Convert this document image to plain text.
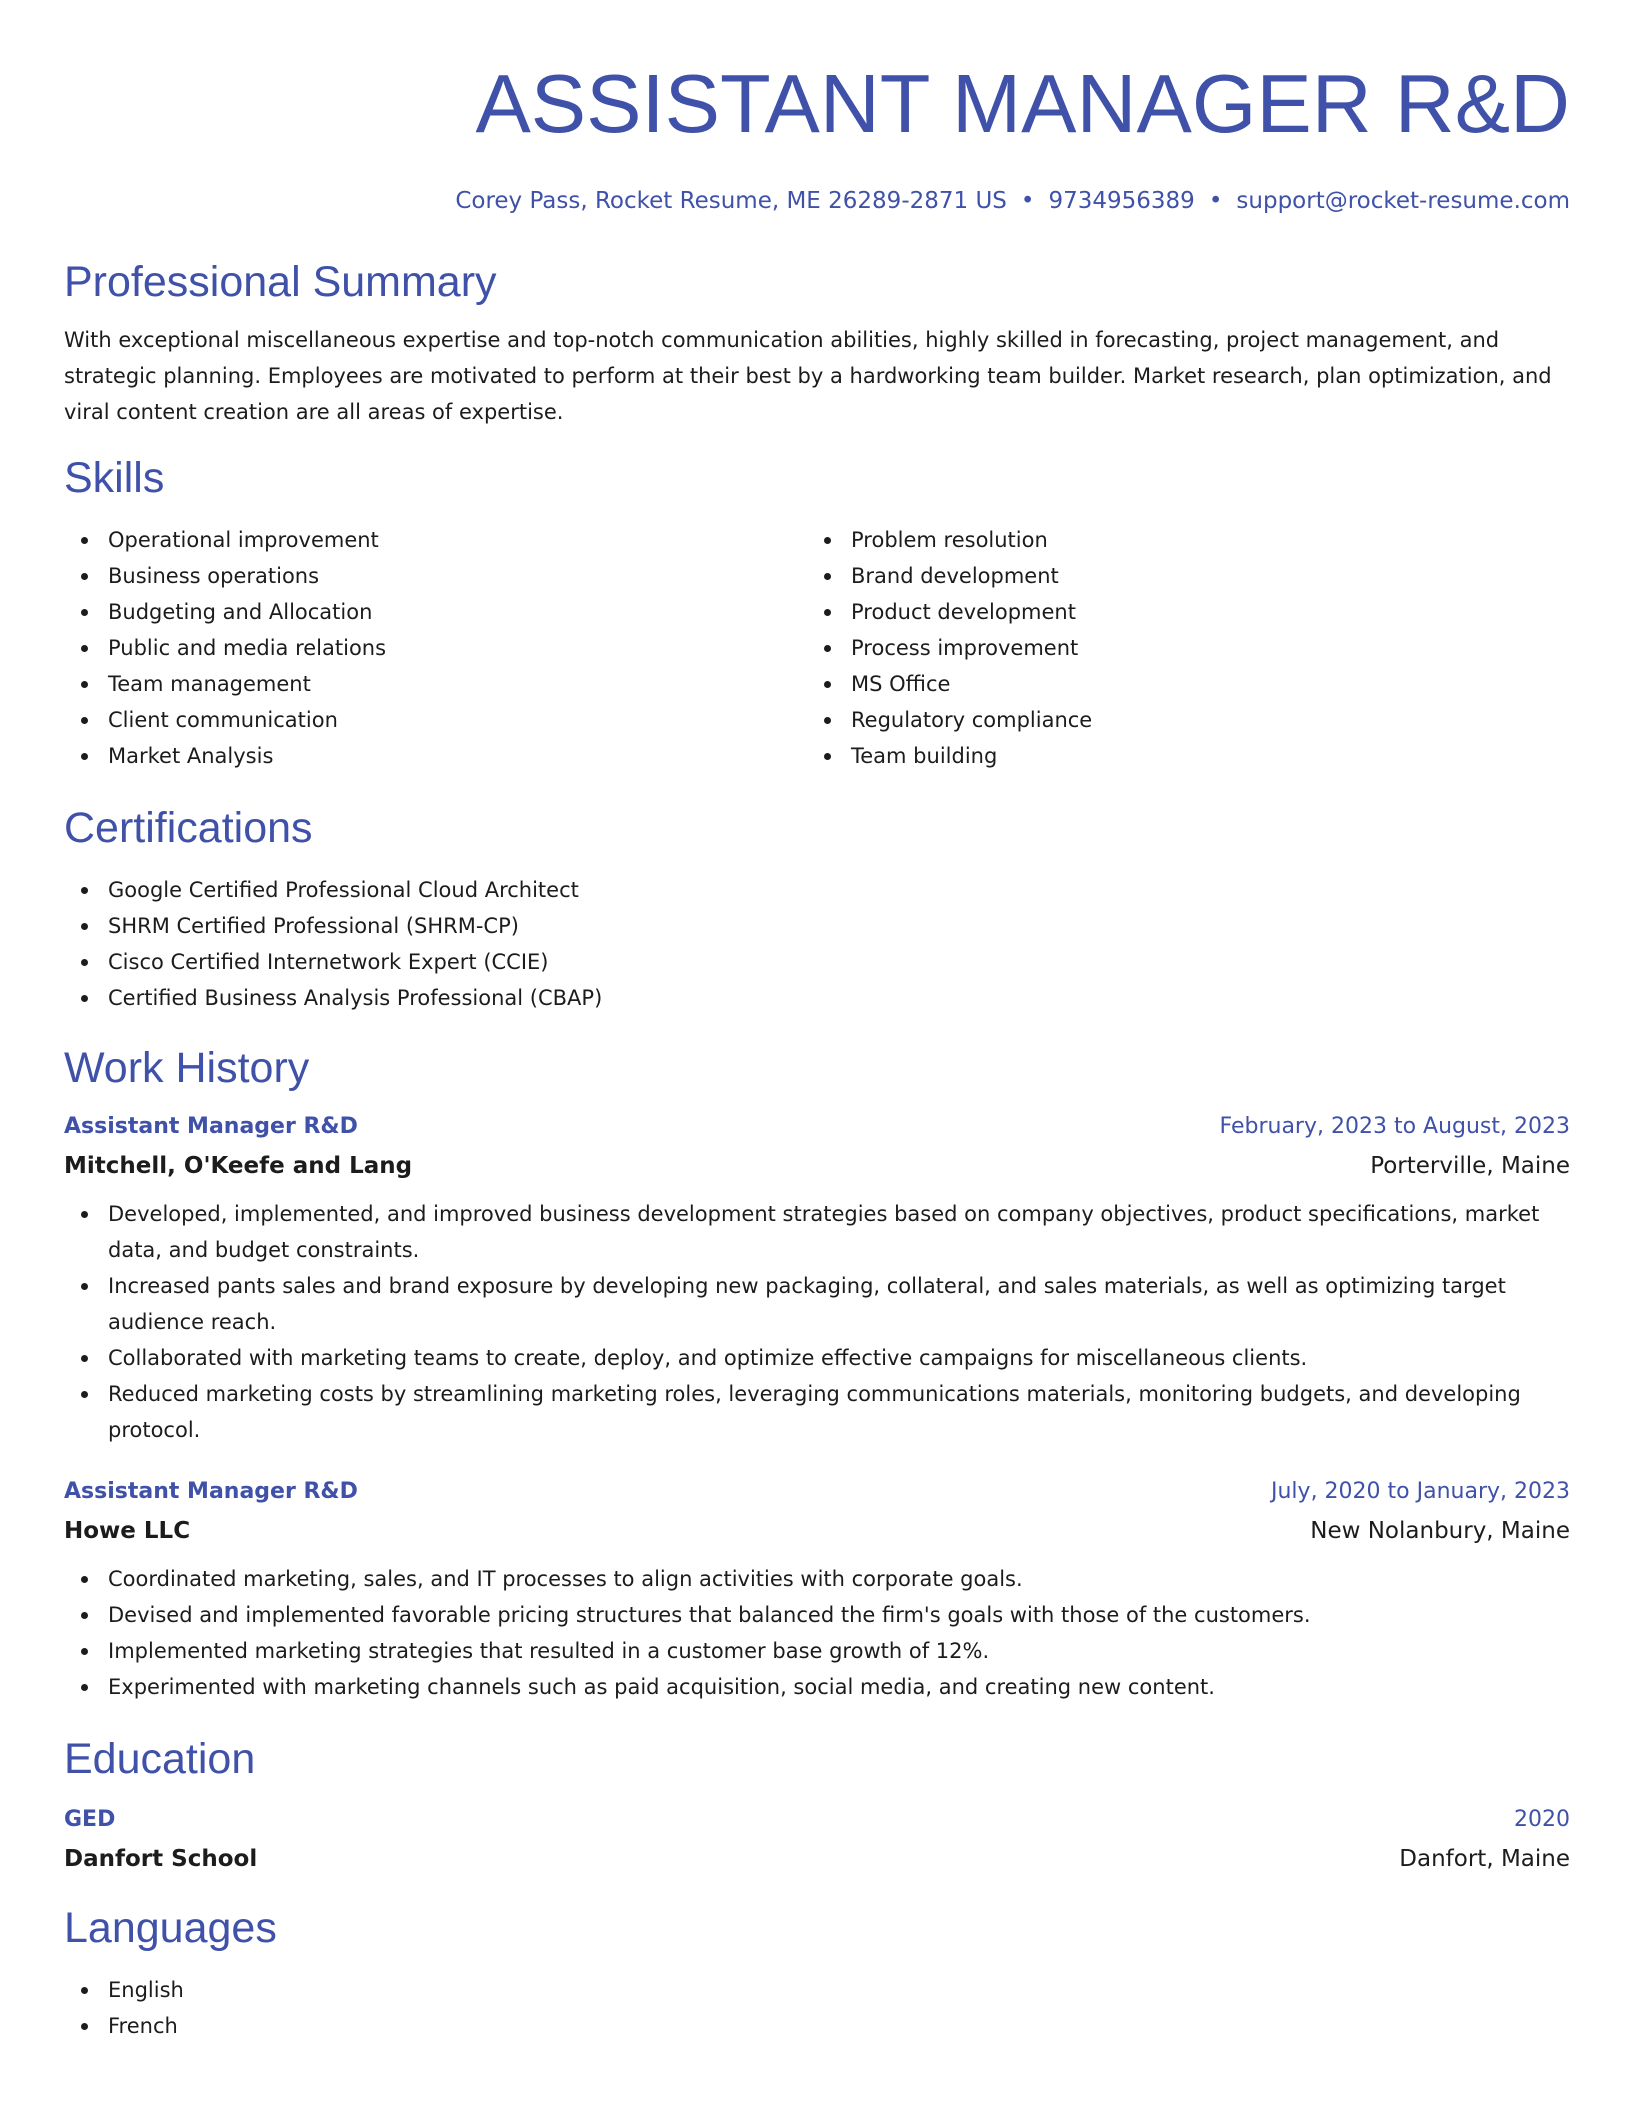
ASSISTANT MANAGER R&D
Corey Pass, Rocket Resume, ME 26289-2871 US • 9734956389 • support@rocket-resume.com
Professional Summary

With exceptional miscellaneous expertise and top-notch communication abilities, highly skilled in forecasting, project management, and strategic planning. Employees are motivated to perform at their best by a hardworking team builder. Market research, plan optimization, and viral content creation are all areas of expertise.

Skills
Operational improvement
Business operations
Budgeting and Allocation
Public and media relations
Team management
Client communication
Market Analysis
Problem resolution
Brand development
Product development
Process improvement
MS Office
Regulatory compliance
Team building
Certifications
Google Certified Professional Cloud Architect
SHRM Certified Professional (SHRM-CP)
Cisco Certified Internetwork Expert (CCIE)
Certified Business Analysis Professional (CBAP)
Work History
Assistant Manager R&D	February, 2023 to August, 2023
Mitchell, O'Keefe and Lang	Porterville, Maine
Developed, implemented, and improved business development strategies based on company objectives, product specifications, market data, and budget constraints.
Increased pants sales and brand exposure by developing new packaging, collateral, and sales materials, as well as optimizing target audience reach.
Collaborated with marketing teams to create, deploy, and optimize effective campaigns for miscellaneous clients.
Reduced marketing costs by streamlining marketing roles, leveraging communications materials, monitoring budgets, and developing protocol.
Assistant Manager R&D	July, 2020 to January, 2023
Howe LLC	New Nolanbury, Maine
Coordinated marketing, sales, and IT processes to align activities with corporate goals.
Devised and implemented favorable pricing structures that balanced the firm's goals with those of the customers.
Implemented marketing strategies that resulted in a customer base growth of 12%.
Experimented with marketing channels such as paid acquisition, social media, and creating new content.
Education
GED	2020
Danfort School	Danfort, Maine
Languages
English
French
